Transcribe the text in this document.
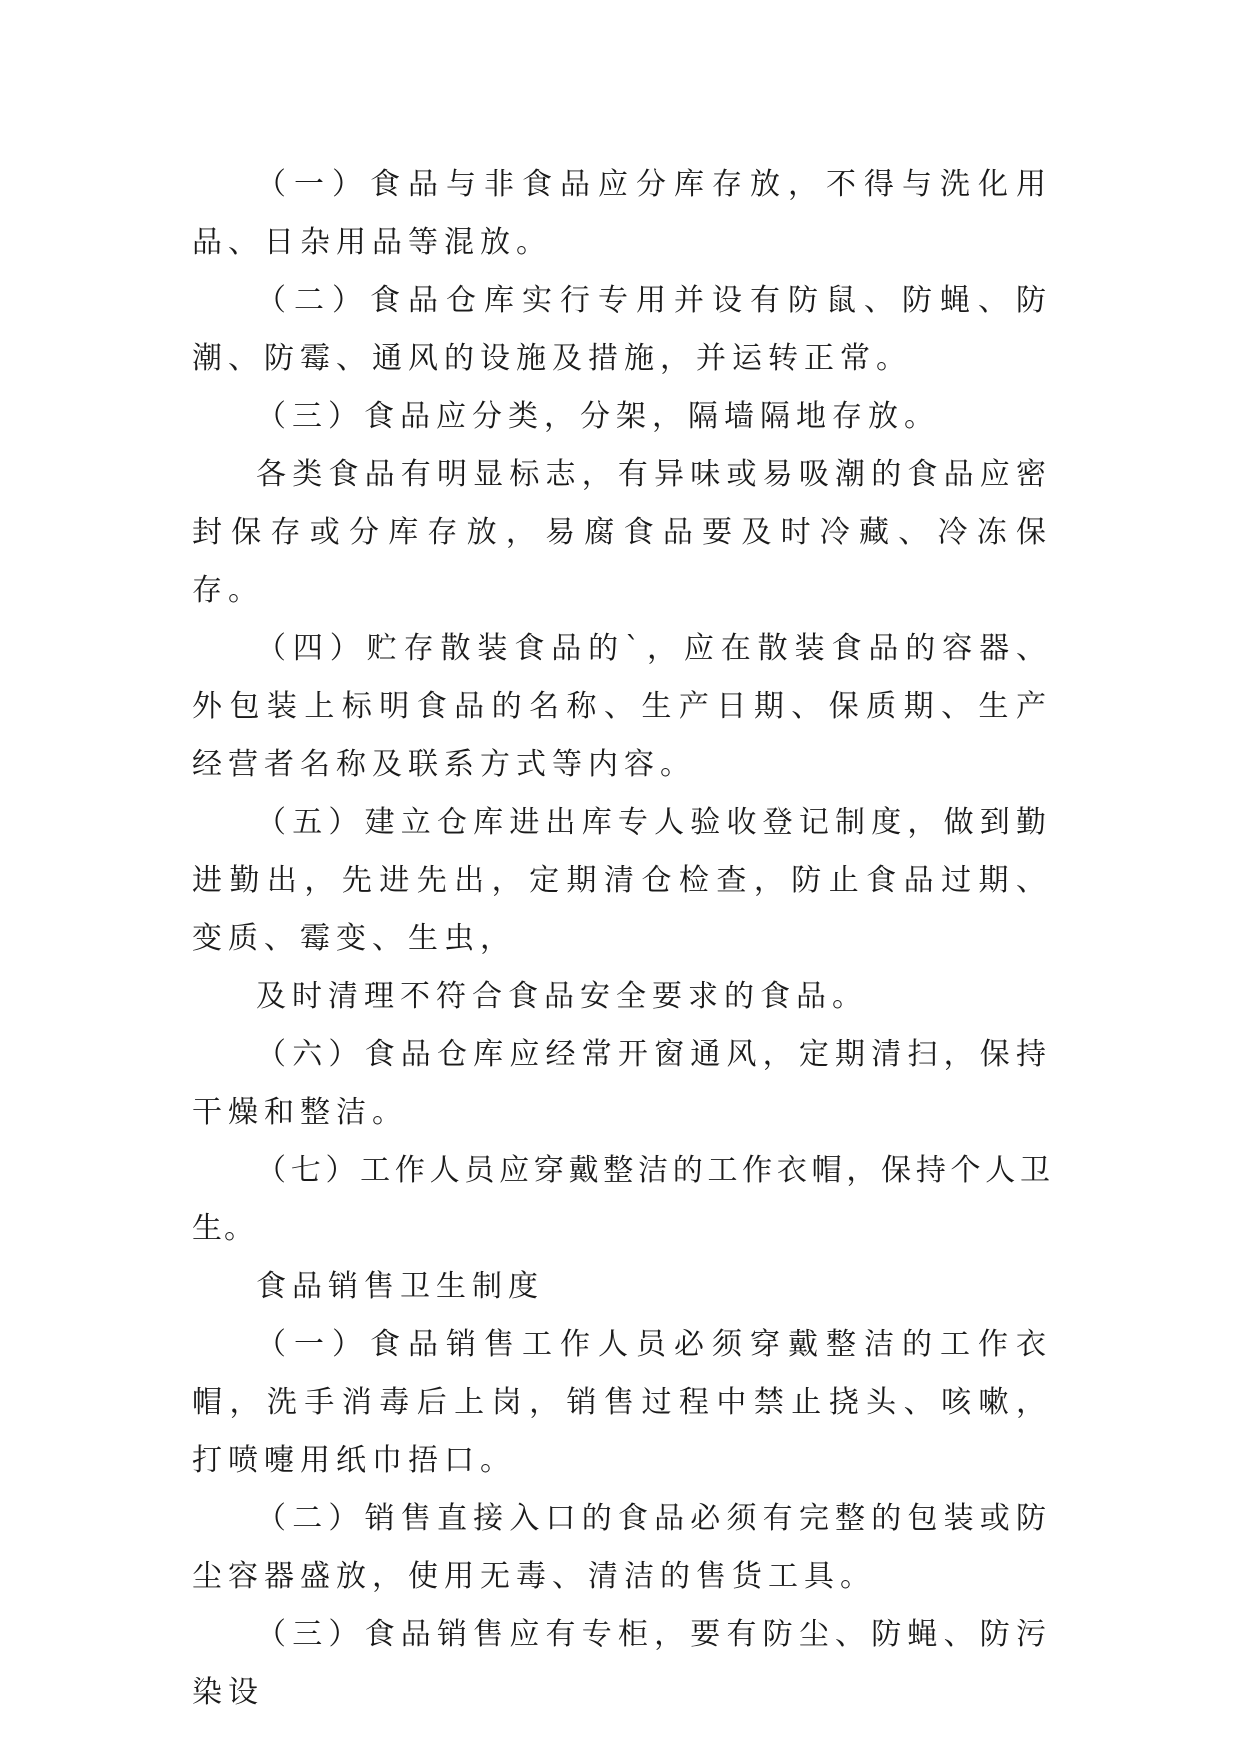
（一）食品与非食品应分库存放，不得与洗化用品、日杂用品等混放。

（二）食品仓库实行专用并设有防鼠、防蝇、防潮、防霉、通风的设施及措施，并运转正常。

（三）食品应分类，分架，隔墙隔地存放。

各类食品有明显标志，有异味或易吸潮的食品应密封保存或分库存放，易腐食品要及时冷藏、冷冻保存。

（四）贮存散装食品的`，应在散装食品的容器、外包装上标明食品的名称、生产日期、保质期、生产经营者名称及联系方式等内容。

（五）建立仓库进出库专人验收登记制度，做到勤进勤出，先进先出，定期清仓检查，防止食品过期、变质、霉变、生虫，

及时清理不符合食品安全要求的食品。

（六）食品仓库应经常开窗通风，定期清扫，保持干燥和整洁。

（七）工作人员应穿戴整洁的工作衣帽，保持个人卫生。

食品销售卫生制度

（一）食品销售工作人员必须穿戴整洁的工作衣帽，洗手消毒后上岗，销售过程中禁止挠头、咳嗽，打喷嚏用纸巾捂口。

（二）销售直接入口的食品必须有完整的包装或防尘容器盛放，使用无毒、清洁的售货工具。

（三）食品销售应有专柜，要有防尘、防蝇、防污染设
